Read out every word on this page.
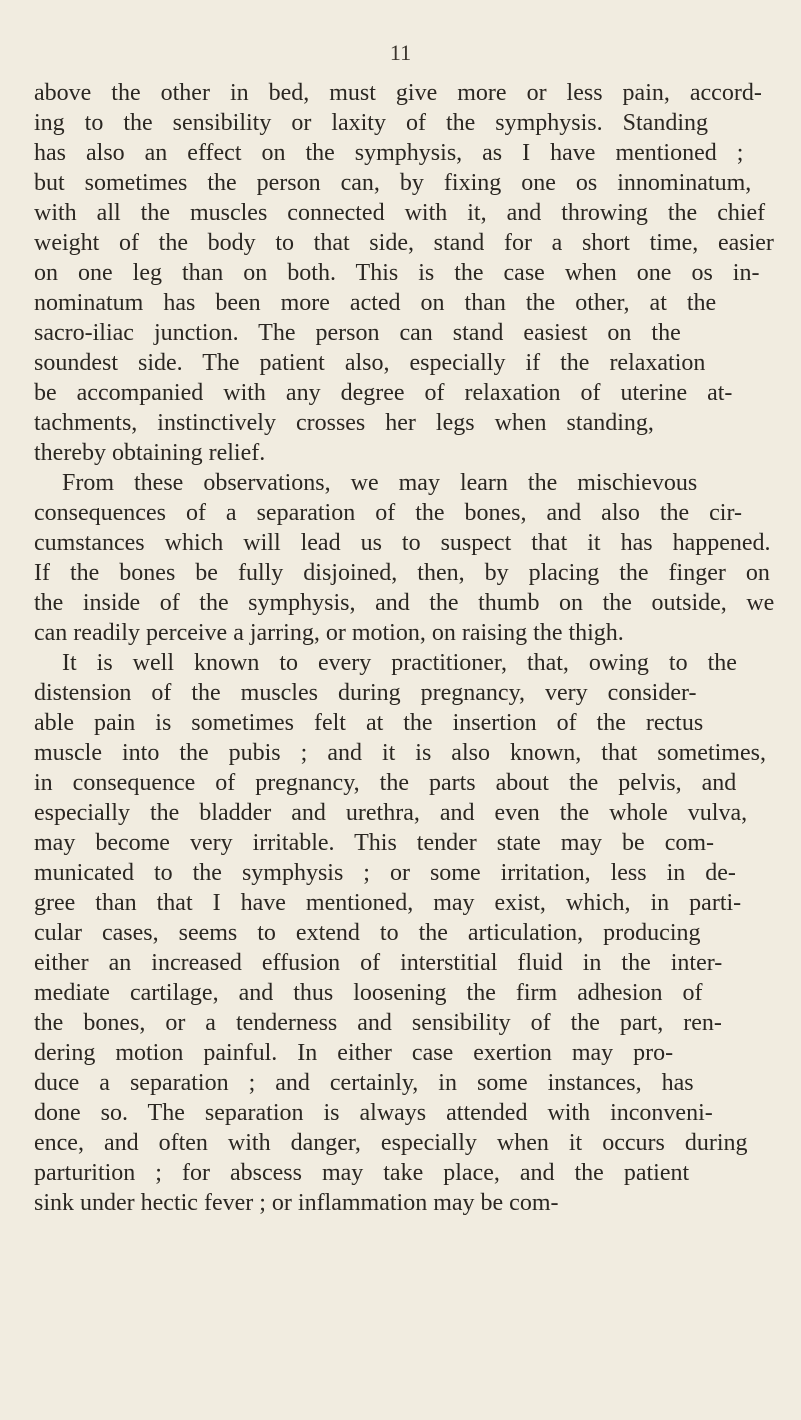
11
above the other in bed, must give more or less pain, accord-
ing to the sensibility or laxity of the symphysis. Standing
has also an effect on the symphysis, as I have mentioned ;
but sometimes the person can, by fixing one os innominatum,
with all the muscles connected with it, and throwing the chief
weight of the body to that side, stand for a short time, easier
on one leg than on both. This is the case when one os in-
nominatum has been more acted on than the other, at the
sacro-iliac junction. The person can stand easiest on the
soundest side. The patient also, especially if the relaxation
be accompanied with any degree of relaxation of uterine at-
tachments, instinctively crosses her legs when standing,
thereby obtaining relief.
From these observations, we may learn the mischievous
consequences of a separation of the bones, and also the cir-
cumstances which will lead us to suspect that it has happened.
If the bones be fully disjoined, then, by placing the finger on
the inside of the symphysis, and the thumb on the outside, we
can readily perceive a jarring, or motion, on raising the thigh.
It is well known to every practitioner, that, owing to the
distension of the muscles during pregnancy, very consider-
able pain is sometimes felt at the insertion of the rectus
muscle into the pubis ; and it is also known, that sometimes,
in consequence of pregnancy, the parts about the pelvis, and
especially the bladder and urethra, and even the whole vulva,
may become very irritable. This tender state may be com-
municated to the symphysis ; or some irritation, less in de-
gree than that I have mentioned, may exist, which, in parti-
cular cases, seems to extend to the articulation, producing
either an increased effusion of interstitial fluid in the inter-
mediate cartilage, and thus loosening the firm adhesion of
the bones, or a tenderness and sensibility of the part, ren-
dering motion painful. In either case exertion may pro-
duce a separation ; and certainly, in some instances, has
done so. The separation is always attended with inconveni-
ence, and often with danger, especially when it occurs during
parturition ; for abscess may take place, and the patient
sink under hectic fever ; or inflammation may be com-
